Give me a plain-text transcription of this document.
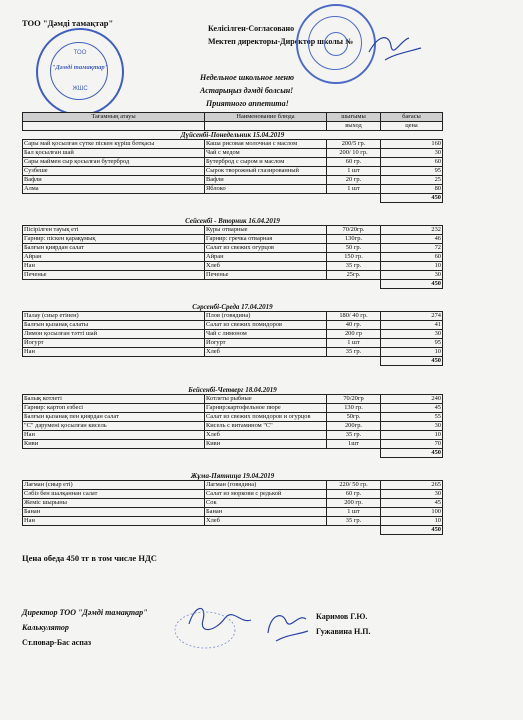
ТОО "Дәмді тамақтар"
Келісілген-Согласовано
Мектеп директоры-Директор школы №
Недельное школьное меню
Астарыңыз дәмді болсын!
Приятного аппетита!
ТОО
"Дәмді тамақтар"
ЖШС
Тағамның атауы	Наименование блюда	шығымы	бағасы
		выход	цена
Дүйсенбі-Понедельник 15.04.2019			
Сары май қосылған сүтке піскен күріш ботқасы	Каша рисовая молочная с маслом	200/5 гр.	160
Бал қосылған шай	Чай с медом	200/ 10 гр.	30
Сары маймен сыр қосылған бутерброд	Бутерброд с сыром и маслом	60 гр.	60
Сузбеше	Сырок творожный глазированный	1 шт	95
Вафли	Вафли	20 гр.	25
Алма	Яблоко	1 шт	80
			450

Сейсенбі - Вторник 16.04.2019			
Пісірілген тауық еті	Куры отварные	70/20гр.	232
Гарнир: піскен қарақұмық	Гарнир: гречка отварная	130гр.	46
Балғын қиярдан салат	Салат из свежих огурцов	50 гр.	72
Айран	Айран	150 гр.	60
Нан	Хлеб	35 гр.	10
Печенье	Печенье	25гр.	30
			450

Сәрсенбі-Среда 17.04.2019			
Палау (сиыр етінен)	Плов (говядина)	180/ 40 гр.	274
Балғын қызанақ салаты	Салат из свежих помидоров	40 гр.	41
Лимон қосылған тәтті шай	Чай с лимоном	200 гр	30
Йогурт	Йогурт	1 шт	95
Нан	Хлеб	35 гр.	10
			450

Бейсенбі-Четверг 18.04.2019			
Балық котлеті	Котлеты рыбные	70/20гр	240
Гарнир: картоп езбесі	Гарнир:картофельное пюре	130 гр.	45
Балғын қызанақ пен қиярдан салат	Салат из свежих помидоров и огурцов	50гр.	55
"С" дәрумені қосылған кисель	Кисель с витамином "С"	200гр.	30
Нан	Хлеб	35 гр.	10
Киви	Киви	1шт	70
			450

Жұма-Пятница 19.04.2019			
Лағман (сиыр еті)	Лагман (говядина)	220/ 50 гр.	265
Сәбіз бен шалқаннан салат	Салат из моркови с редькой	60 гр.	30
Жеміс шырыны	Сок	200 гр.	45
Банан	Банан	1 шт	100
Нан	Хлеб	35 гр.	10
			450
Цена обеда 450 тг в том числе НДС
Директор ТОО "Дәмді тамақтар"
Калькулятор
Ст.повар-Бас аспаз
Каримов Г.Ю.
Гужавина Н.П.
